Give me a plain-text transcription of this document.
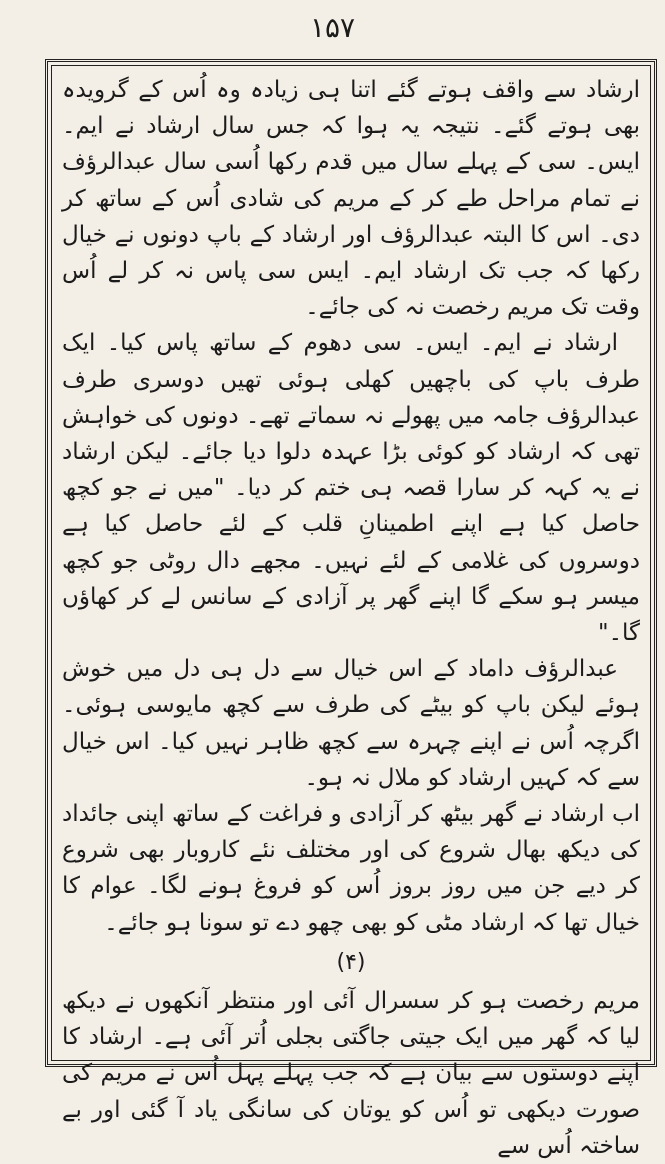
۱۵۷

ارشاد سے واقف ہوتے گئے اتنا ہی زیادہ وہ اُس کے گرویدہ بھی ہوتے گئے۔ نتیجہ یہ ہوا کہ جس سال ارشاد نے ایم۔ ایس۔ سی کے پہلے سال میں قدم رکھا اُسی سال عبدالرؤف نے تمام مراحل طے کر کے مریم کی شادی اُس کے ساتھ کر دی۔ اس کا البتہ عبدالرؤف اور ارشاد کے باپ دونوں نے خیال رکھا کہ جب تک ارشاد ایم۔ ایس سی پاس نہ کر لے اُس وقت تک مریم رخصت نہ کی جائے۔

ارشاد نے ایم۔ ایس۔ سی دھوم کے ساتھ پاس کیا۔ ایک طرف باپ کی باچھیں کھلی ہوئی تھیں دوسری طرف عبدالرؤف جامہ میں پھولے نہ سماتے تھے۔ دونوں کی خواہش تھی کہ ارشاد کو کوئی بڑا عہدہ دلوا دیا جائے۔ لیکن ارشاد نے یہ کہہ کر سارا قصہ ہی ختم کر دیا۔ "میں نے جو کچھ حاصل کیا ہے اپنے اطمینانِ قلب کے لئے حاصل کیا ہے دوسروں کی غلامی کے لئے نہیں۔ مجھے دال روٹی جو کچھ میسر ہو سکے گا اپنے گھر پر آزادی کے سانس لے کر کھاؤں گا۔"

عبدالرؤف داماد کے اس خیال سے دل ہی دل میں خوش ہوئے لیکن باپ کو بیٹے کی طرف سے کچھ مایوسی ہوئی۔ اگرچہ اُس نے اپنے چہرہ سے کچھ ظاہر نہیں کیا۔ اس خیال سے کہ کہیں ارشاد کو ملال نہ ہو۔

اب ارشاد نے گھر بیٹھ کر آزادی و فراغت کے ساتھ اپنی جائداد کی دیکھ بھال شروع کی اور مختلف نئے کاروبار بھی شروع کر دیے جن میں روز بروز اُس کو فروغ ہونے لگا۔ عوام کا خیال تھا کہ ارشاد مٹی کو بھی چھو دے تو سونا ہو جائے۔

(۴)

مریم رخصت ہو کر سسرال آئی اور منتظر آنکھوں نے دیکھ لیا کہ گھر میں ایک جیتی جاگتی بجلی اُتر آئی ہے۔ ارشاد کا اپنے دوستوں سے بیان ہے کہ جب پہلے پہل اُس نے مریم کی صورت دیکھی تو اُس کو یوتان کی سانگی یاد آ گئی اور بے ساختہ اُس سے
